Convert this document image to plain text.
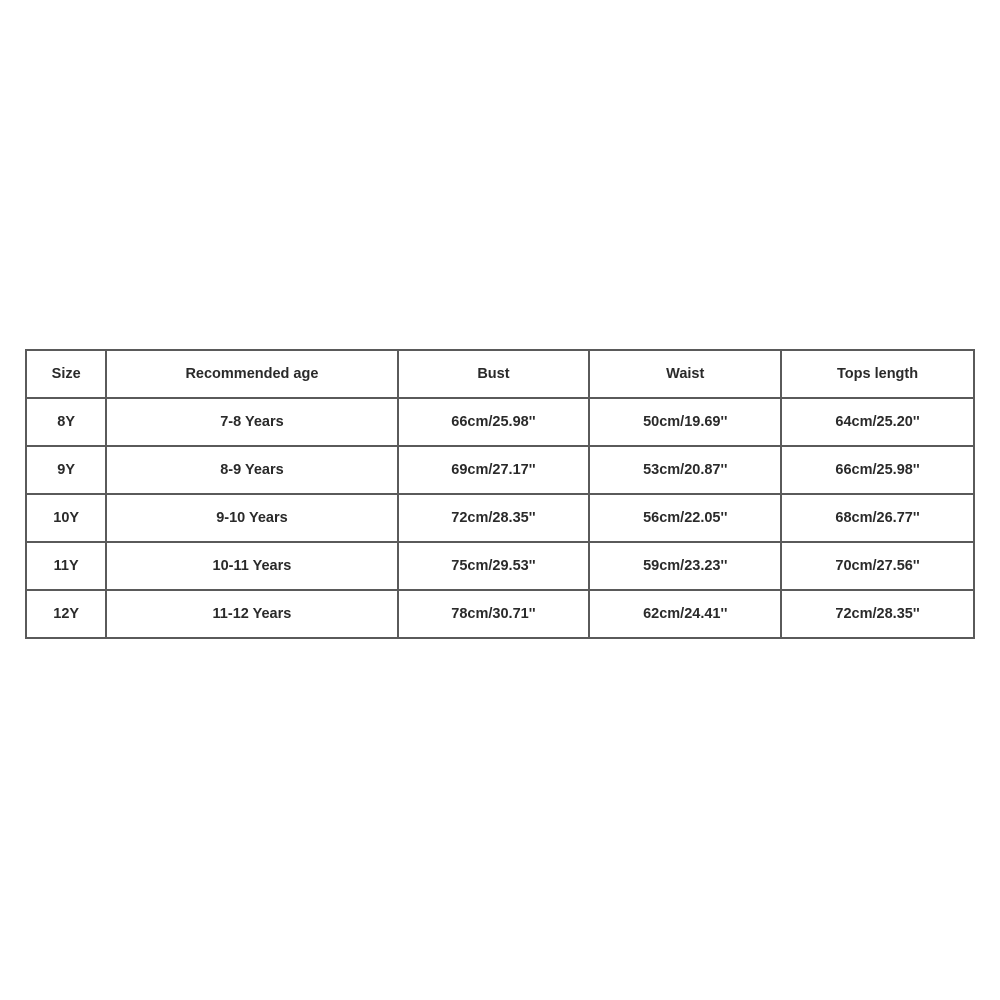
Size	Recommended age	Bust	Waist	Tops length
8Y	7-8 Years	66cm/25.98''	50cm/19.69''	64cm/25.20''
9Y	8-9 Years	69cm/27.17''	53cm/20.87''	66cm/25.98''
10Y	9-10 Years	72cm/28.35''	56cm/22.05''	68cm/26.77''
11Y	10-11 Years	75cm/29.53''	59cm/23.23''	70cm/27.56''
12Y	11-12 Years	78cm/30.71''	62cm/24.41''	72cm/28.35''
